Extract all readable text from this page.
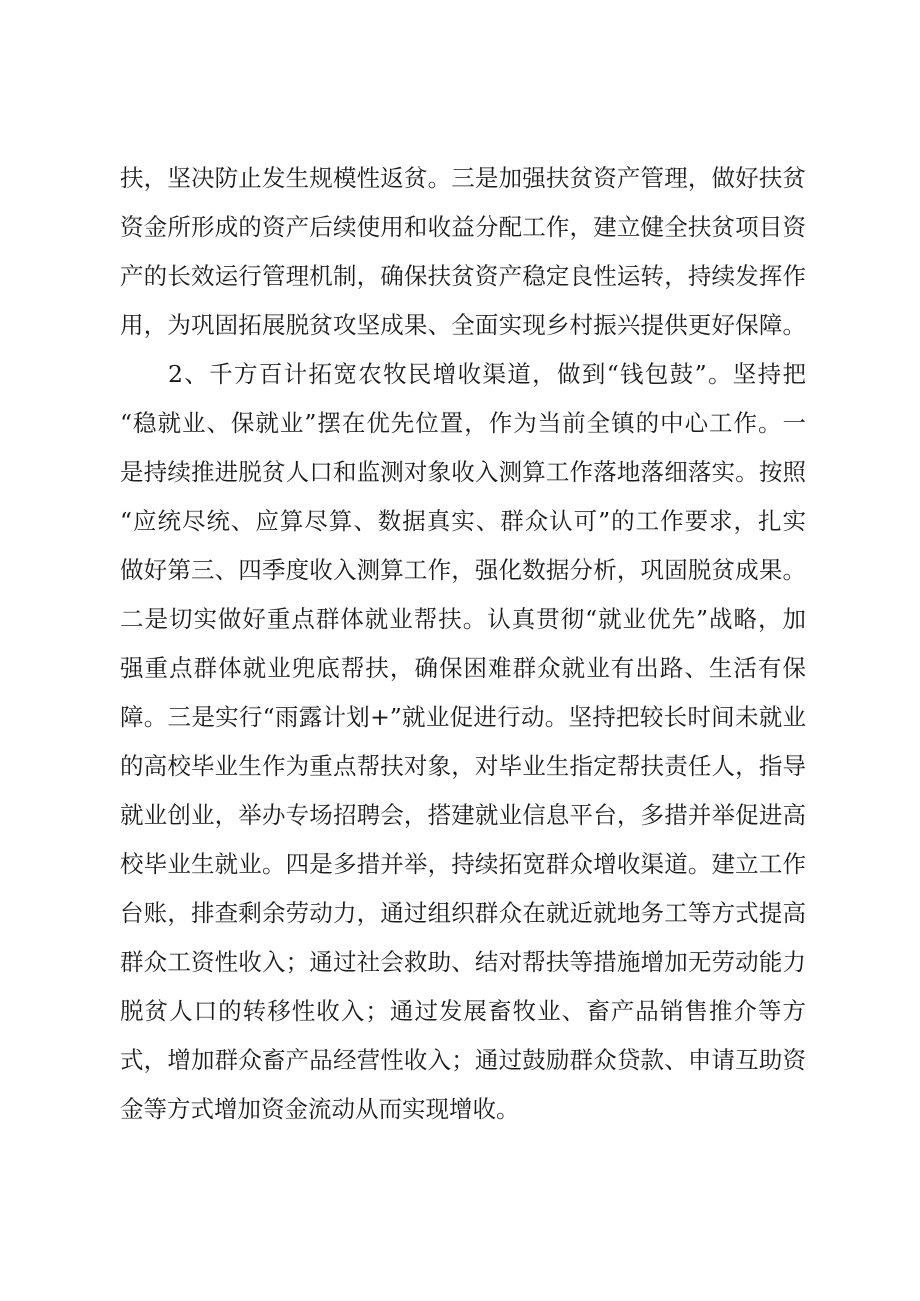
扶，坚决防止发生规模性返贫。三是加强扶贫资产管理，做好扶贫
资金所形成的资产后续使用和收益分配工作，建立健全扶贫项目资
产的长效运行管理机制，确保扶贫资产稳定良性运转，持续发挥作
用，为巩固拓展脱贫攻坚成果、全面实现乡村振兴提供更好保障。
2、千方百计拓宽农牧民增收渠道，做到“钱包鼓”。坚持把
“稳就业、保就业”摆在优先位置，作为当前全镇的中心工作。一
是持续推进脱贫人口和监测对象收入测算工作落地落细落实。按照
“应统尽统、应算尽算、数据真实、群众认可”的工作要求，扎实
做好第三、四季度收入测算工作，强化数据分析，巩固脱贫成果。
二是切实做好重点群体就业帮扶。认真贯彻“就业优先”战略，加
强重点群体就业兜底帮扶，确保困难群众就业有出路、生活有保
障。三是实行“雨露计划+”就业促进行动。坚持把较长时间未就业
的高校毕业生作为重点帮扶对象，对毕业生指定帮扶责任人，指导
就业创业，举办专场招聘会，搭建就业信息平台，多措并举促进高
校毕业生就业。四是多措并举，持续拓宽群众增收渠道。建立工作
台账，排查剩余劳动力，通过组织群众在就近就地务工等方式提高
群众工资性收入；通过社会救助、结对帮扶等措施增加无劳动能力
脱贫人口的转移性收入；通过发展畜牧业、畜产品销售推介等方
式，增加群众畜产品经营性收入；通过鼓励群众贷款、申请互助资
金等方式增加资金流动从而实现增收。
